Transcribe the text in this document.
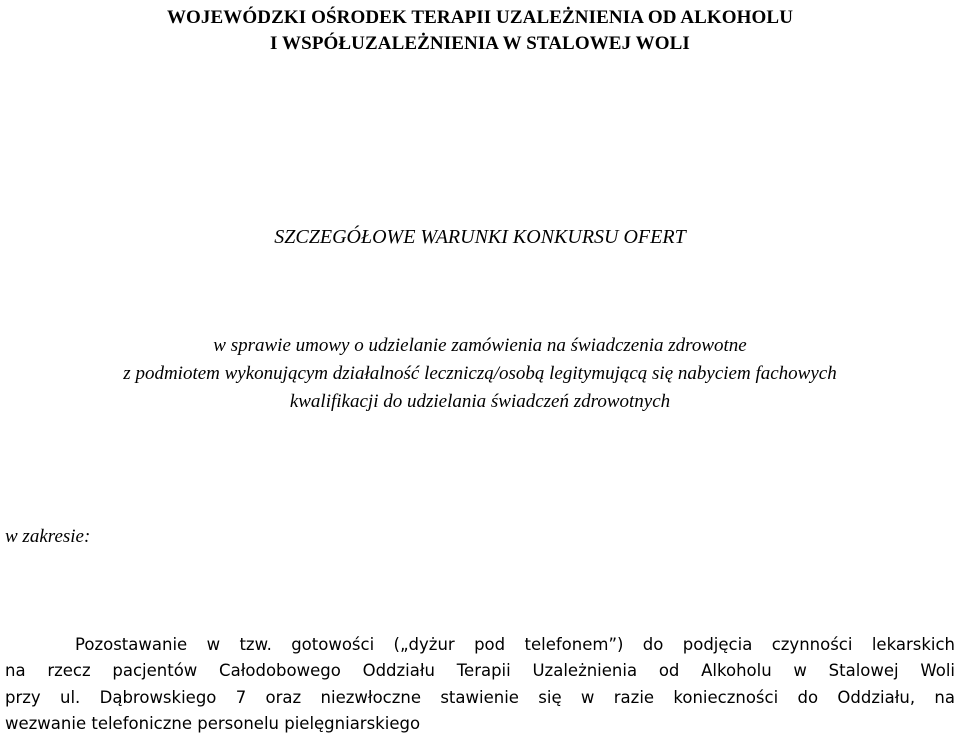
WOJEWÓDZKI OŚRODEK TERAPII UZALEŻNIENIA OD ALKOHOLU
I WSPÓŁUZALEŻNIENIA W STALOWEJ WOLI
SZCZEGÓŁOWE WARUNKI KONKURSU OFERT
w sprawie umowy o udzielanie zamówienia na świadczenia zdrowotne
z podmiotem wykonującym działalność leczniczą/osobą legitymującą się nabyciem fachowych
kwalifikacji do udzielania świadczeń zdrowotnych
w zakresie:
Pozostawanie w tzw. gotowości („dyżur pod telefonem”) do podjęcia czynności lekarskich
na rzecz pacjentów Całodobowego Oddziału Terapii Uzależnienia od Alkoholu w Stalowej Woli
przy ul. Dąbrowskiego 7 oraz niezwłoczne stawienie się w razie konieczności do Oddziału, na
wezwanie telefoniczne personelu pielęgniarskiego
